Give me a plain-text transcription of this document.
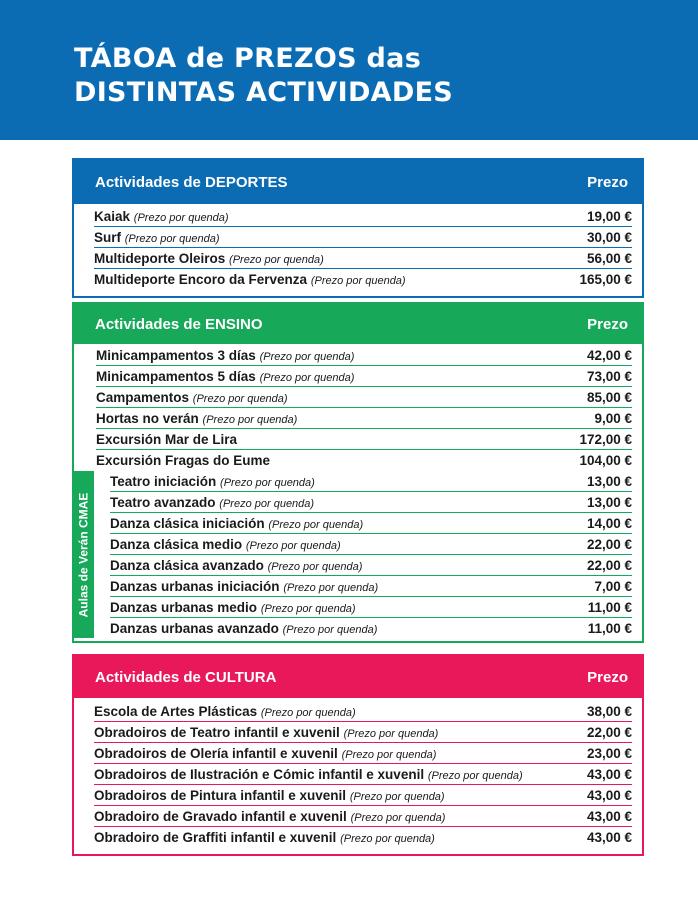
TÁBOA de PREZOS das
DISTINTAS ACTIVIDADES
Actividades de DEPORTES	Prezo
Kaiak (Prezo por quenda)	19,00 €
Surf (Prezo por quenda)	30,00 €
Multideporte Oleiros (Prezo por quenda)	56,00 €
Multideporte Encoro da Fervenza (Prezo por quenda)	165,00 €
Actividades de ENSINO	Prezo
Minicampamentos 3 días (Prezo por quenda)	42,00 €
Minicampamentos 5 días (Prezo por quenda)	73,00 €
Campamentos (Prezo por quenda)	85,00 €
Hortas no verán (Prezo por quenda)	9,00 €
Excursión Mar de Lira	172,00 €
Excursión Fragas do Eume	104,00 €
Aulas de Verán CMAE
Teatro iniciación (Prezo por quenda)	13,00 €
Teatro avanzado (Prezo por quenda)	13,00 €
Danza clásica iniciación (Prezo por quenda)	14,00 €
Danza clásica medio (Prezo por quenda)	22,00 €
Danza clásica avanzado (Prezo por quenda)	22,00 €
Danzas urbanas iniciación (Prezo por quenda)	7,00 €
Danzas urbanas medio (Prezo por quenda)	11,00 €
Danzas urbanas avanzado (Prezo por quenda)	11,00 €
Actividades de CULTURA	Prezo
Escola de Artes Plásticas (Prezo por quenda)	38,00 €
Obradoiros de Teatro infantil e xuvenil (Prezo por quenda)	22,00 €
Obradoiros de Olería infantil e xuvenil (Prezo por quenda)	23,00 €
Obradoiros de Ilustración e Cómic infantil e xuvenil (Prezo por quenda)	43,00 €
Obradoiros de Pintura infantil e xuvenil (Prezo por quenda)	43,00 €
Obradoiro de Gravado infantil e xuvenil (Prezo por quenda)	43,00 €
Obradoiro de Graffiti infantil e xuvenil (Prezo por quenda)	43,00 €
